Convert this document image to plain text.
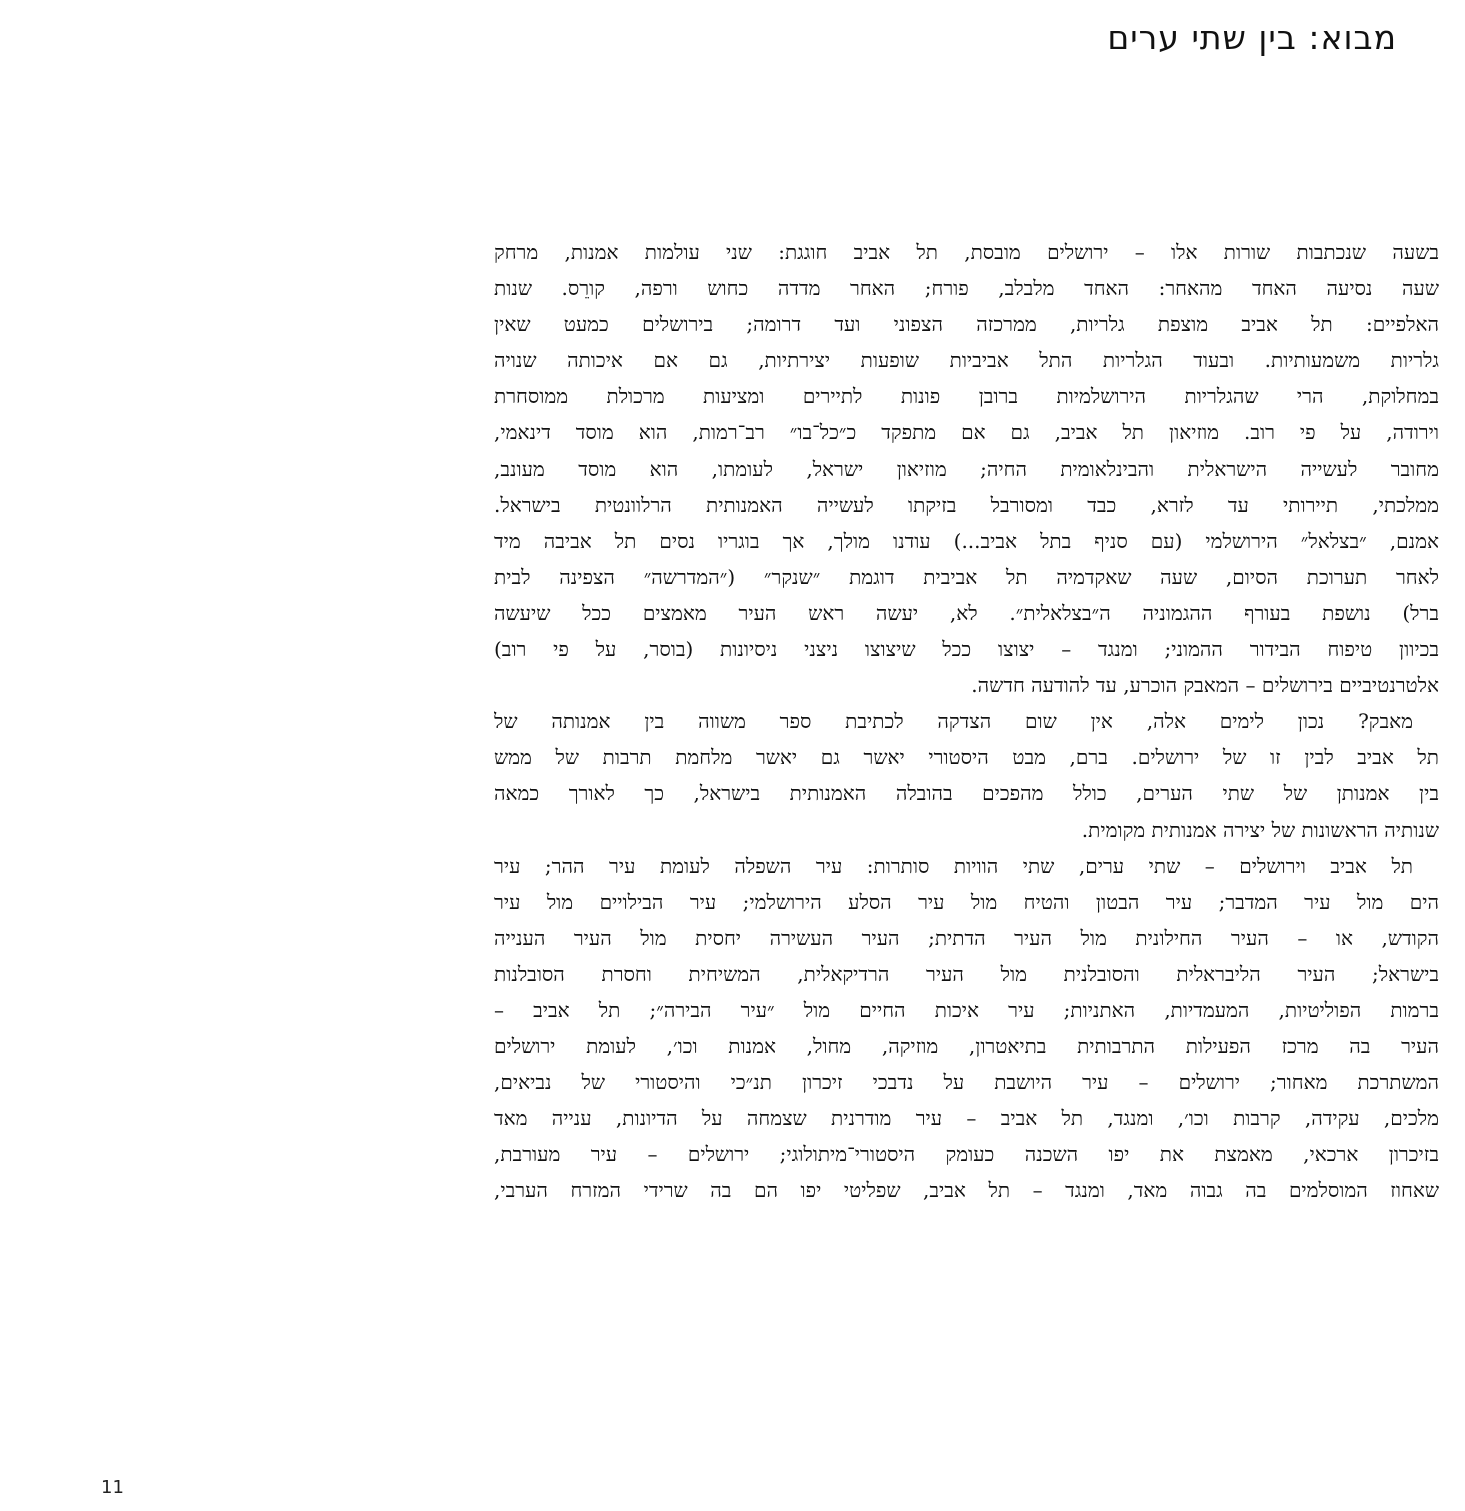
מבוא: בין שתי ערים
בשעה שנכתבות שורות אלו – ירושלים מובסת, תל אביב חוגגת: שני עולמות אמנות, מרחק
שעה נסיעה האחד מהאחר: האחד מלבלב, פורח; האחר מדדה כחוש ורפה, קורֵס. שנות
האלפיים: תל אביב מוצפת גלריות, ממרכזה הצפוני ועד דרומה; בירושלים כמעט שאין
גלריות משמעותיות. ובעוד הגלריות התל אביביות שופעות יצירתיות, גם אם איכותה שנויה
במחלוקת, הרי שהגלריות הירושלמיות ברובן פונות לתיירים ומציעות מרכולת ממוסחרת
וירודה, על פי רוב. מוזיאון תל אביב, גם אם מתפקד כ״כל־בו״ רב־רמות, הוא מוסד דינאמי,
מחובר לעשייה הישראלית והבינלאומית החיה; מוזיאון ישראל, לעומתו, הוא מוסד מעונב,
ממלכתי, תיירותי עד לזרא, כבד ומסורבל בזיקתו לעשייה האמנותית הרלוונטית בישראל.
אמנם, ״בצלאל״ הירושלמי (עם סניף בתל אביב...) עודנו מולך, אך בוגריו נסים תל אביבה מיד
לאחר תערוכת הסיום, שעה שאקדמיה תל אביבית דוגמת ״שנקר״ (״המדרשה״ הצפינה לבית
ברל) נושפת בעורף ההגמוניה ה״בצלאלית״. לא, יעשה ראש העיר מאמצים ככל שיעשה
בכיוון טיפוח הבידור ההמוני; ומנגד – יצוצו ככל שיצוצו ניצני ניסיונות (בוסר, על פי רוב)
אלטרנטיביים בירושלים – המאבק הוכרע, עד להודעה חדשה.
מאבק? נכון לימים אלה, אין שום הצדקה לכתיבת ספר משווה בין אמנותה של
תל אביב לבין זו של ירושלים. ברם, מבט היסטורי יאשר גם יאשר מלחמת תרבות של ממש
בין אמנותן של שתי הערים, כולל מהפכים בהובלה האמנותית בישראל, כך לאורך כמאה
שנותיה הראשונות של יצירה אמנותית מקומית.
תל אביב וירושלים – שתי ערים, שתי הוויות סותרות: עיר השפלה לעומת עיר ההר; עיר
הים מול עיר המדבר; עיר הבטון והטיח מול עיר הסלע הירושלמי; עיר הבילויים מול עיר
הקודש, או – העיר החילונית מול העיר הדתית; העיר העשירה יחסית מול העיר הענייה
בישראל; העיר הליבראלית והסובלנית מול העיר הרדיקאלית, המשיחית וחסרת הסובלנות
ברמות הפוליטיות, המעמדיות, האתניות; עיר איכות החיים מול ״עיר הבירה״; תל אביב –
העיר בה מרכז הפעילות התרבותית בתיאטרון, מוזיקה, מחול, אמנות וכו׳, לעומת ירושלים
המשתרכת מאחור; ירושלים – עיר היושבת על נדבכי זיכרון תנ״כי והיסטורי של נביאים,
מלכים, עקידה, קרבות וכו׳, ומנגד, תל אביב – עיר מודרנית שצמחה על הדיונות, ענייה מאד
בזיכרון ארכאי, מאמצת את יפו השכנה כעומק היסטורי־מיתולוגי; ירושלים – עיר מעורבת,
שאחוז המוסלמים בה גבוה מאד, ומנגד – תל אביב, שפליטי יפו הם בה שרידי המזרח הערבי,
11
